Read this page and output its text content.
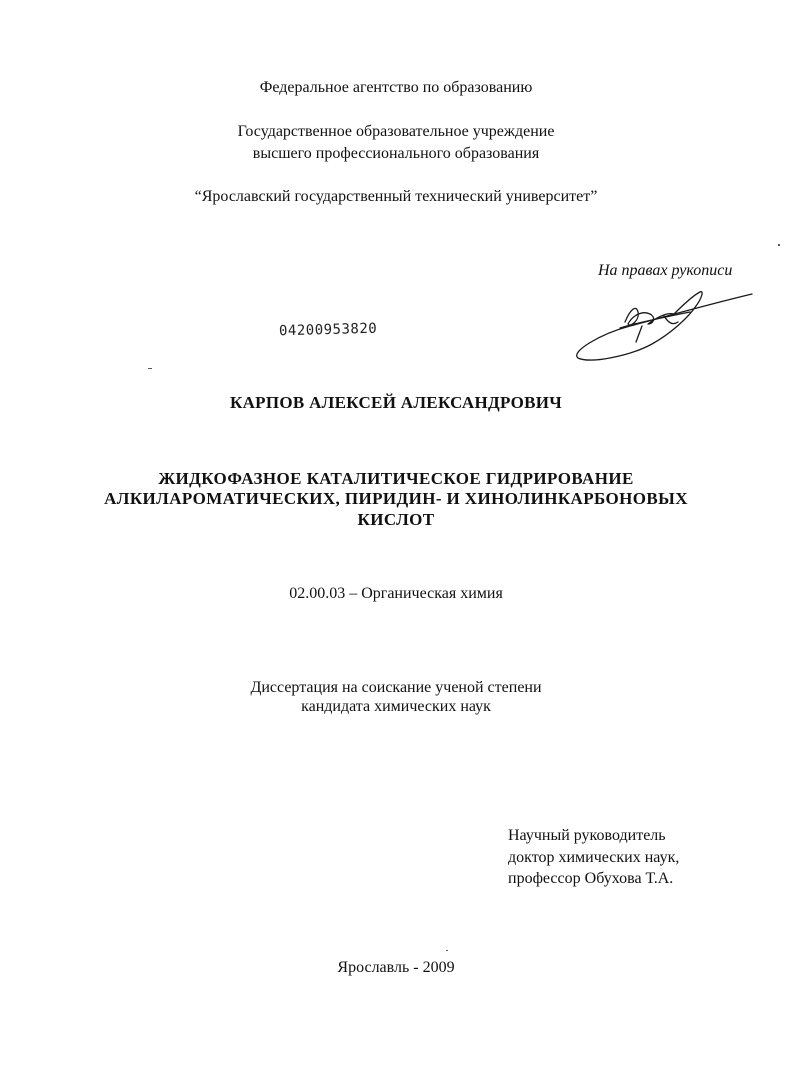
Федеральное агентство по образованию

Государственное образовательное учреждение

высшего профессионального образования

“Ярославский государственный технический университет”

На правах рукописи

04200953820

КАРПОВ АЛЕКСЕЙ АЛЕКСАНДРОВИЧ

ЖИДКОФАЗНОЕ КАТАЛИТИЧЕСКОЕ ГИДРИРОВАНИЕ

АЛКИЛАРОМАТИЧЕСКИХ, ПИРИДИН- И ХИНОЛИНКАРБОНОВЫХ

КИСЛОТ

02.00.03 – Органическая химия

Диссертация на соискание ученой степени

кандидата химических наук

Научный руководитель

доктор химических наук,

профессор Обухова Т.А.

Ярославль - 2009
